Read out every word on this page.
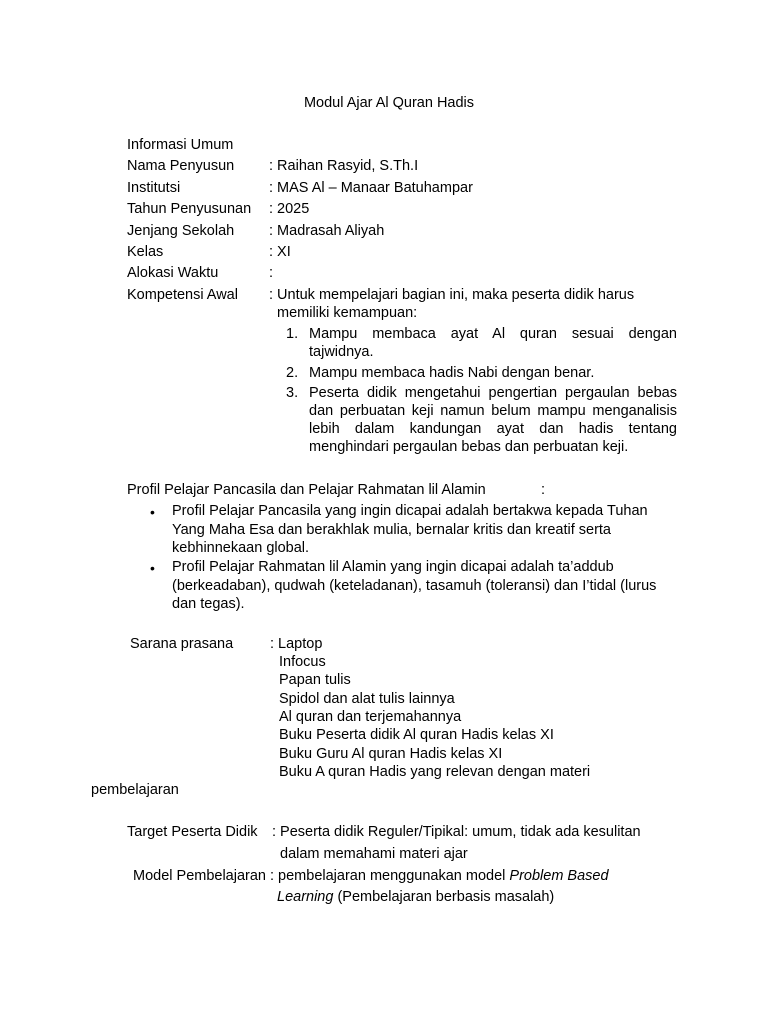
Modul Ajar Al Quran Hadis
Informasi Umum
Nama Penyusun : Raihan Rasyid, S.Th.I
Institutsi	: MAS Al – Manaar Batuhampar
Tahun Penyusunan : 2025
Jenjang Sekolah : Madrasah Aliyah
Kelas	: XI
Alokasi Waktu	:
Kompetensi Awal : Untuk mempelajari bagian ini, maka peserta didik harus
memiliki kemampuan:
1. Mampu membaca ayat Al quran sesuai dengan tajwidnya.
2. Mampu membaca hadis Nabi dengan benar.
3. Peserta didik mengetahui pengertian pergaulan bebas dan perbuatan keji namun belum mampu menganalisis lebih dalam kandungan ayat dan hadis tentang menghindari pergaulan bebas dan perbuatan keji.
Profil Pelajar Pancasila dan Pelajar Rahmatan lil Alamin	:
• Profil Pelajar Pancasila yang ingin dicapai adalah bertakwa kepada Tuhan Yang Maha Esa dan berakhlak mulia, bernalar kritis dan kreatif serta kebhinnekaan global.
• Profil Pelajar Rahmatan lil Alamin yang ingin dicapai adalah ta’addub (berkeadaban), qudwah (keteladanan), tasamuh (toleransi) dan I’tidal (lurus dan tegas).
Sarana prasana	: Laptop
Infocus
Papan tulis
Spidol dan alat tulis lainnya
Al quran dan terjemahannya
Buku Peserta didik Al quran Hadis kelas XI
Buku Guru Al quran Hadis kelas XI
Buku A quran Hadis yang relevan dengan materi
pembelajaran
Target Peserta Didik : Peserta didik Reguler/Tipikal: umum, tidak ada kesulitan
dalam memahami materi ajar
Model Pembelajaran : pembelajaran menggunakan model Problem Based
Learning (Pembelajaran berbasis masalah)
